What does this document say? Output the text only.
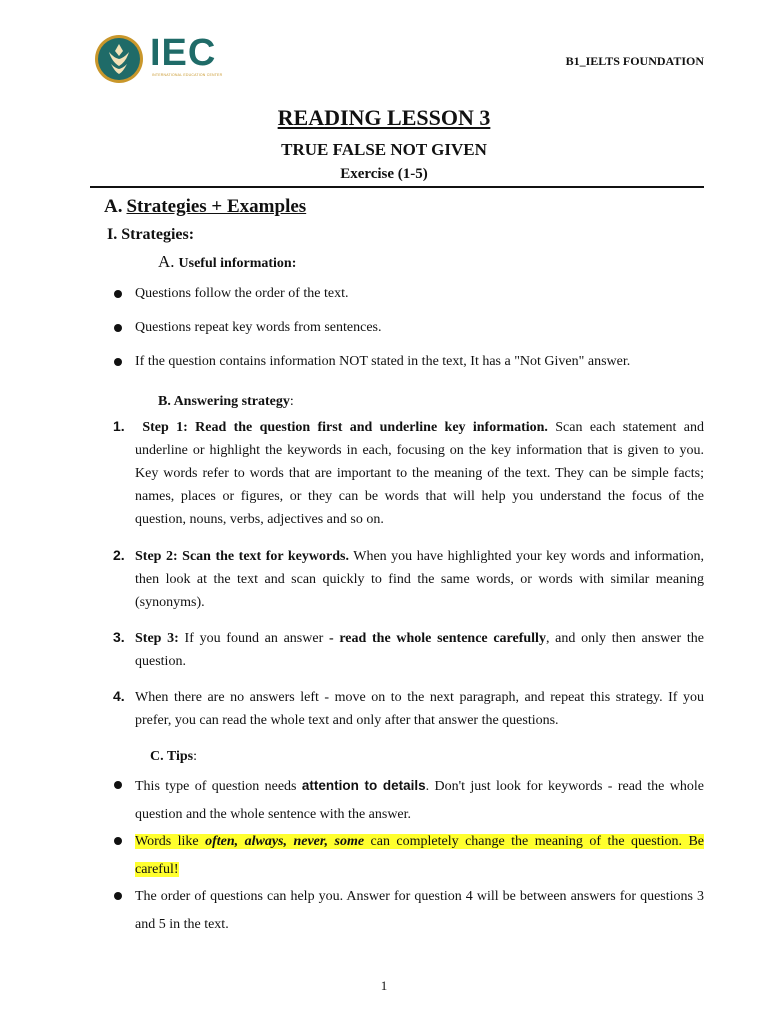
IEC
INTERNATIONAL EDUCATION CENTER
B1_IELTS FOUNDATION
READING LESSON 3
TRUE FALSE NOT GIVEN
Exercise (1-5)
A. Strategies + Examples
I. Strategies:
A. Useful information:
Questions follow the order of the text.
Questions repeat key words from sentences.
If the question contains information NOT stated in the text, It has a "Not Given" answer.
B. Answering strategy:
1.	Step 1: Read the question first and underline key information. Scan each statement and underline or highlight the keywords in each, focusing on the key information that is given to you. Key words refer to words that are important to the meaning of the text. They can be simple facts; names, places or figures, or they can be words that will help you understand the focus of the question, nouns, verbs, adjectives and so on.
2. Step 2: Scan the text for keywords. When you have highlighted your key words and information, then look at the text and scan quickly to find the same words, or words with similar meaning (synonyms).
3. Step 3: If you found an answer - read the whole sentence carefully, and only then answer the question.
4. When there are no answers left - move on to the next paragraph, and repeat this strategy. If you prefer, you can read the whole text and only after that answer the questions.
C. Tips:
This type of question needs attention to details. Don't just look for keywords - read the whole question and the whole sentence with the answer.
Words like often, always, never, some can completely change the meaning of the question. Be careful!
The order of questions can help you. Answer for question 4 will be between answers for questions 3 and 5 in the text.
1
